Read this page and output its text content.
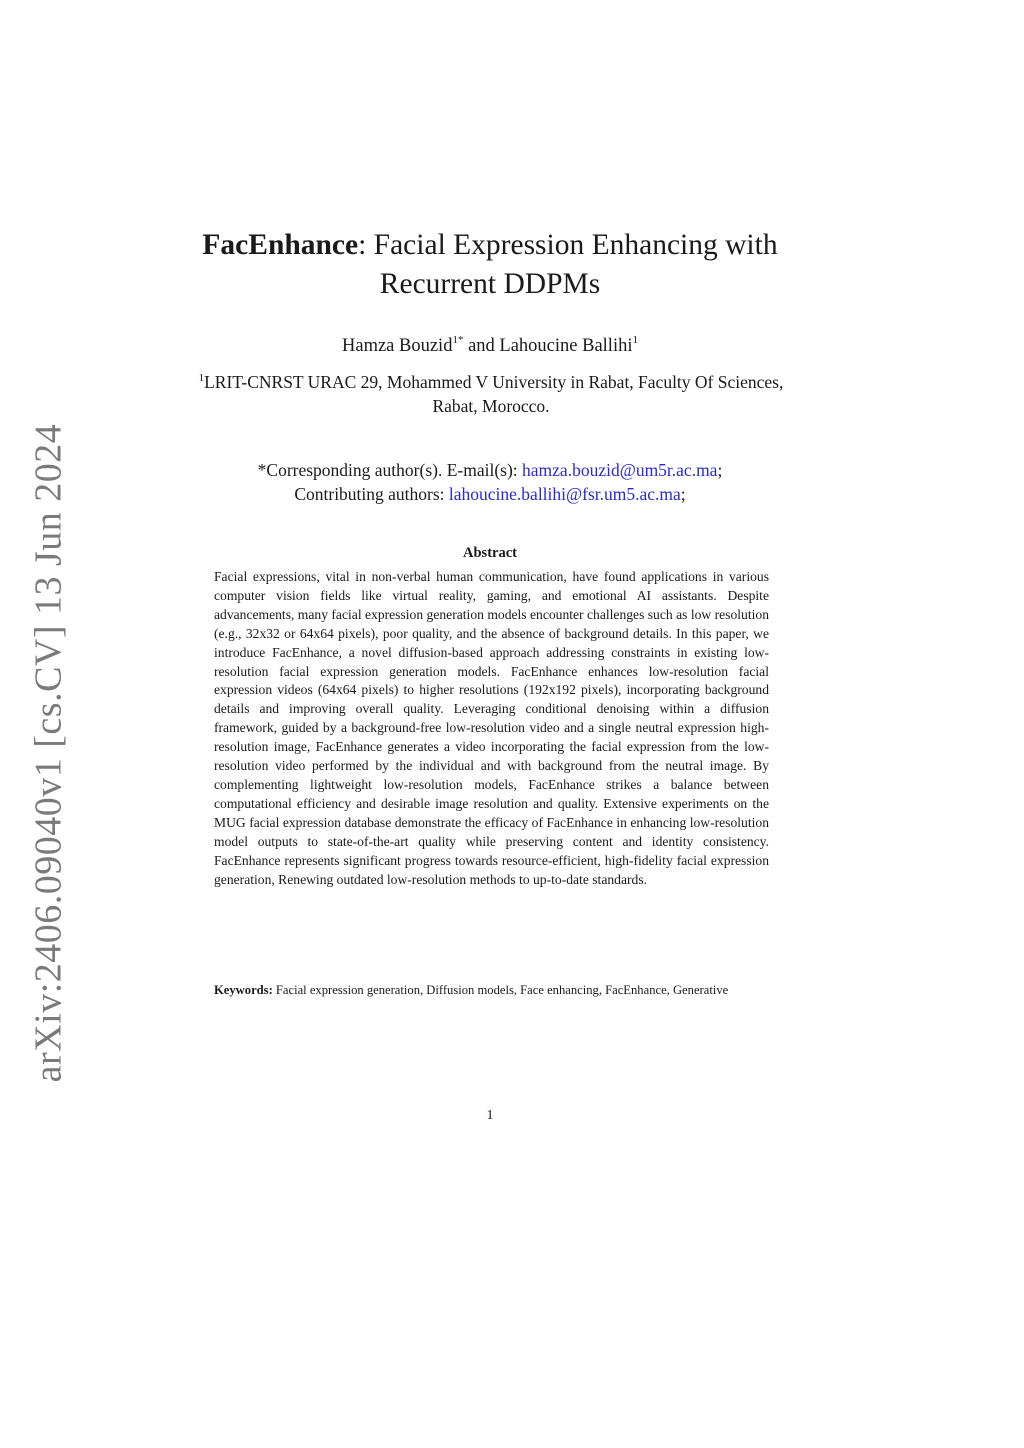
arXiv:2406.09040v1 [cs.CV] 13 Jun 2024
FacEnhance: Facial Expression Enhancing with Recurrent DDPMs
Hamza Bouzid$^{1*}$ and Lahoucine Ballihi$^1$
$^1$LRIT-CNRST URAC 29, Mohammed V University in Rabat, Faculty Of Sciences, Rabat, Morocco.
*Corresponding author(s). E-mail(s): hamza.bouzid@um5r.ac.ma;
Contributing authors: lahoucine.ballihi@fsr.um5.ac.ma;
Abstract
Facial expressions, vital in non-verbal human communication, have found applications in various computer vision fields like virtual reality, gaming, and emotional AI assistants. Despite advancements, many facial expression generation models encounter challenges such as low resolution (e.g., 32x32 or 64x64 pixels), poor quality, and the absence of background details. In this paper, we introduce FacEnhance, a novel diffusion-based approach addressing constraints in existing low-resolution facial expression generation models. FacEnhance enhances low-resolution facial expression videos (64x64 pixels) to higher resolutions (192x192 pixels), incorporating background details and improving overall quality. Leveraging conditional denoising within a diffusion framework, guided by a background-free low-resolution video and a single neutral expression high-resolution image, FacEnhance generates a video incorporating the facial expression from the low-resolution video performed by the individual and with background from the neutral image. By complementing lightweight low-resolution models, FacEnhance strikes a balance between computational efficiency and desirable image resolution and quality. Extensive experiments on the MUG facial expression database demonstrate the efficacy of FacEnhance in enhancing low-resolution model outputs to state-of-the-art quality while preserving content and identity consistency. FacEnhance represents significant progress towards resource-efficient, high-fidelity facial expression generation, Renewing outdated low-resolution methods to up-to-date standards.
Keywords: Facial expression generation, Diffusion models, Face enhancing, FacEnhance, Generative
1
